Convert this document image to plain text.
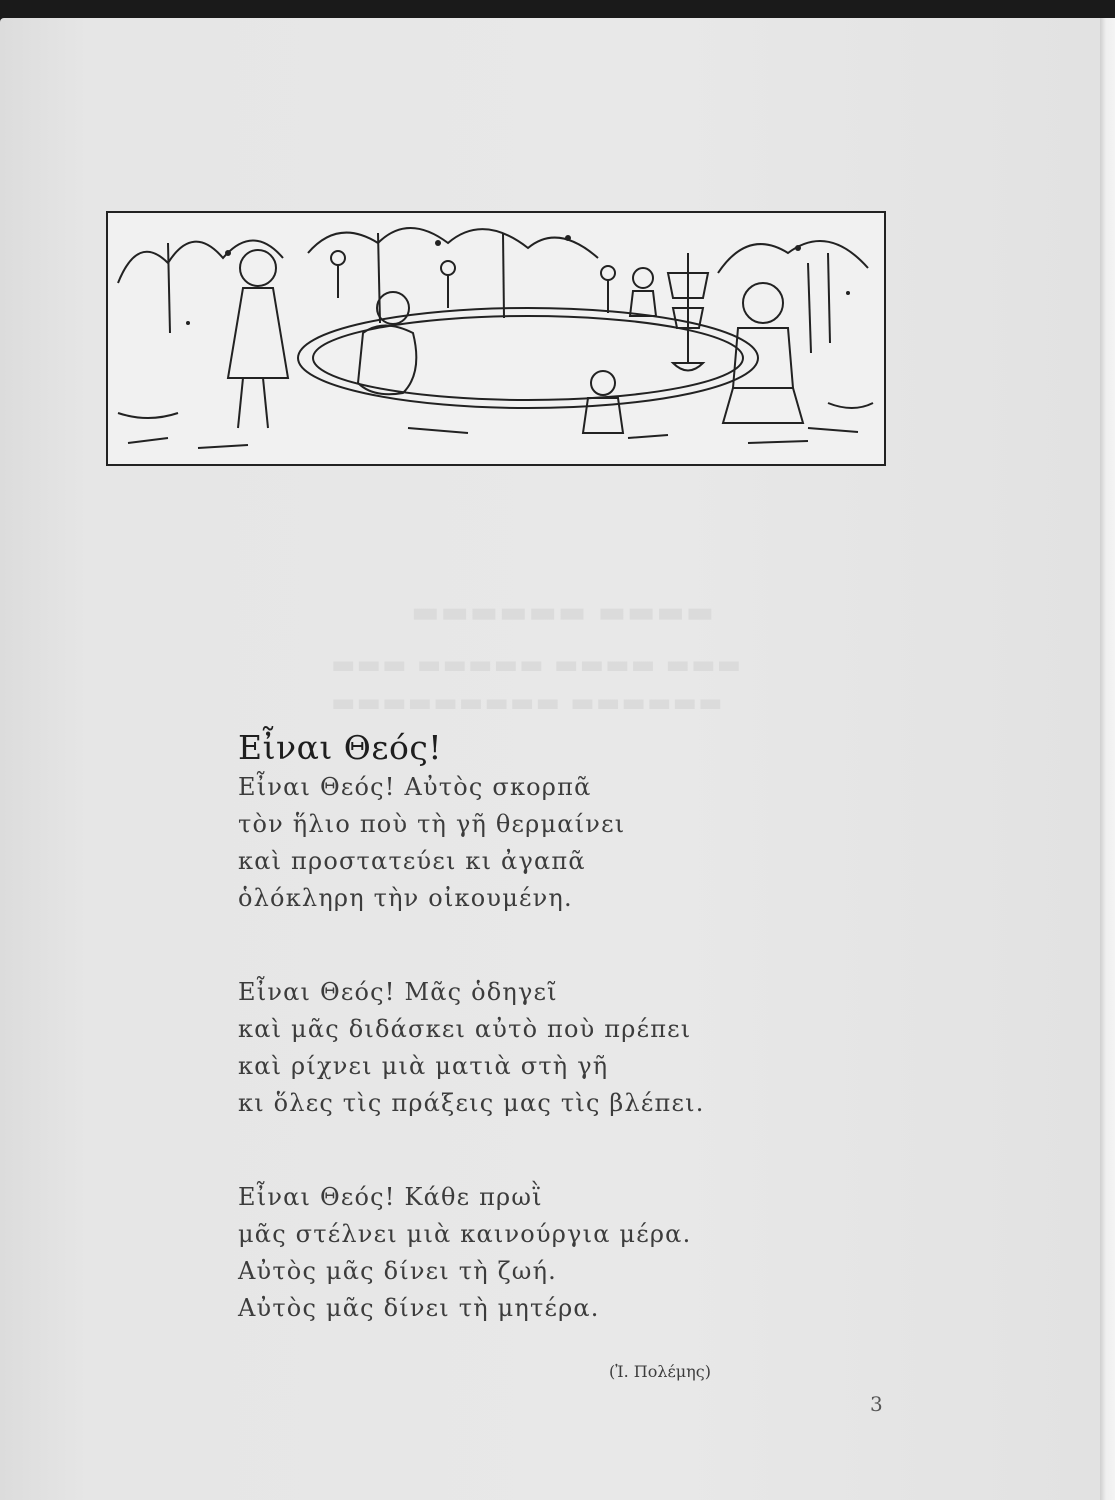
▬▬▬▬ ▬▬▬▬▬▬
▬▬▬ ▬▬▬▬ ▬▬▬▬▬ ▬▬▬
▬▬▬▬▬▬ ▬▬▬▬▬▬▬▬▬
Εἶναι Θεός!
Εἶναι Θεός! Αὐτὸς σκορπᾶ
τὸν ἥλιο ποὺ τὴ γῆ θερμαίνει
καὶ προστατεύει κι ἀγαπᾶ
ὁλόκληρη τὴν οἰκουμένη.
Εἶναι Θεός! Μᾶς ὁδηγεῖ
καὶ μᾶς διδάσκει αὐτὸ ποὺ πρέπει
καὶ ρίχνει μιὰ ματιὰ στὴ γῆ
κι ὅλες τὶς πράξεις μας τὶς βλέπει.
Εἶναι Θεός! Κάθε πρωῒ
μᾶς στέλνει μιὰ καινούργια μέρα.
Αὐτὸς μᾶς δίνει τὴ ζωή.
Αὐτὸς μᾶς δίνει τὴ μητέρα.
(Ἰ. Πολέμης)
3
